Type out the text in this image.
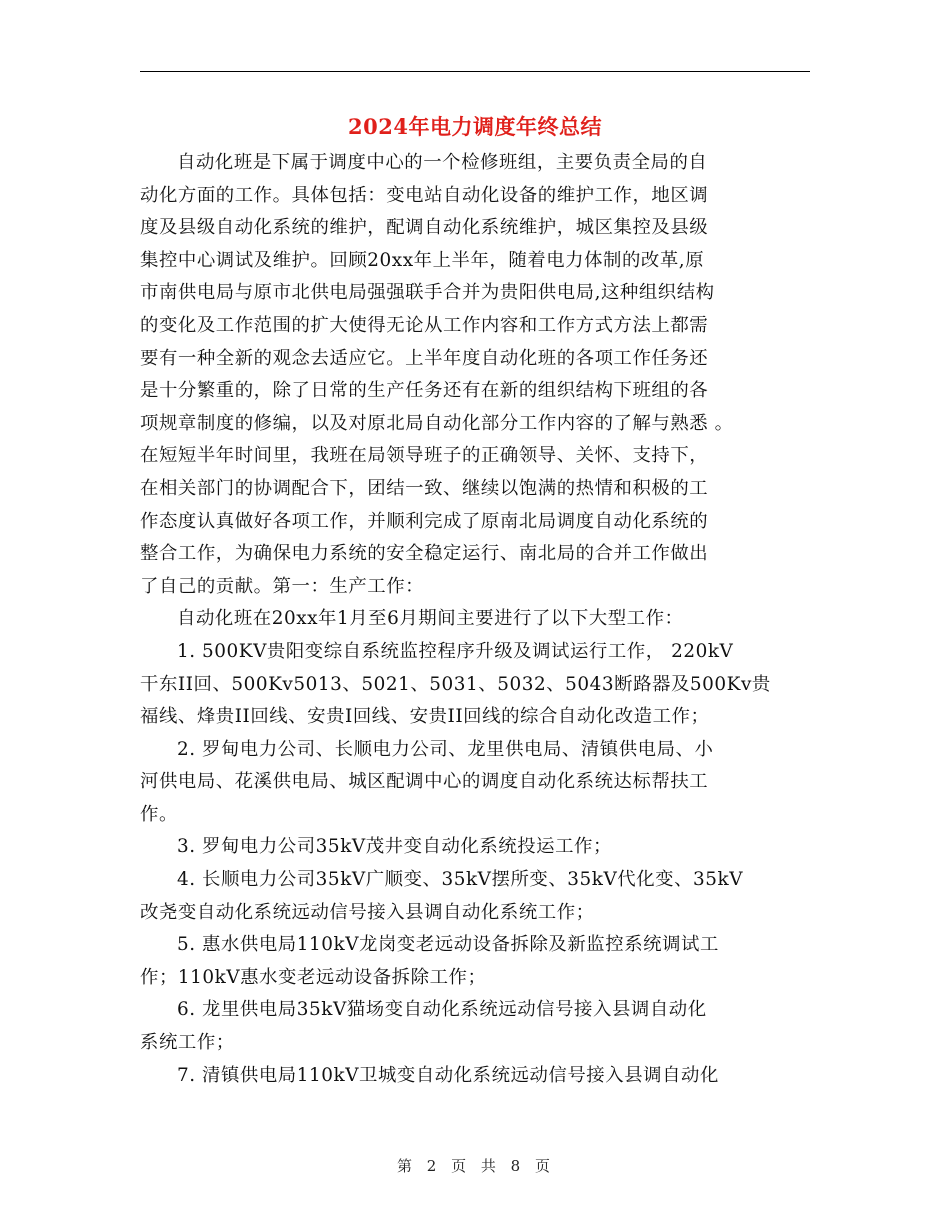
2024年电力调度年终总结
自动化班是下属于调度中心的一个检修班组，主要负责全局的自
动化方面的工作。具体包括：变电站自动化设备的维护工作，地区调
度及县级自动化系统的维护，配调自动化系统维护，城区集控及县级
集控中心调试及维护。回顾20xx年上半年，随着电力体制的改革,原
市南供电局与原市北供电局强强联手合并为贵阳供电局,这种组织结构
的变化及工作范围的扩大使得无论从工作内容和工作方式方法上都需
要有一种全新的观念去适应它。上半年度自动化班的各项工作任务还
是十分繁重的，除了日常的生产任务还有在新的组织结构下班组的各
项规章制度的修编，以及对原北局自动化部分工作内容的了解与熟悉 。
在短短半年时间里，我班在局领导班子的正确领导、关怀、支持下，
在相关部门的协调配合下，团结一致、继续以饱满的热情和积极的工
作态度认真做好各项工作，并顺利完成了原南北局调度自动化系统的
整合工作，为确保电力系统的安全稳定运行、南北局的合并工作做出
了自己的贡献。第一：生产工作：
自动化班在20xx年1月至6月期间主要进行了以下大型工作：
1. 500KV贵阳变综自系统监控程序升级及调试运行工作， 220kV
干东II回、500Kv5013、5021、5031、5032、5043断路器及500Kv贵
福线、烽贵II回线、安贵I回线、安贵II回线的综合自动化改造工作；
2. 罗甸电力公司、长顺电力公司、龙里供电局、清镇供电局、小
河供电局、花溪供电局、城区配调中心的调度自动化系统达标帮扶工
作。
3. 罗甸电力公司35kV茂井变自动化系统投运工作；
4. 长顺电力公司35kV广顺变、35kV摆所变、35kV代化变、35kV
改尧变自动化系统远动信号接入县调自动化系统工作；
5. 惠水供电局110kV龙岗变老远动设备拆除及新监控系统调试工
作；110kV惠水变老远动设备拆除工作；
6. 龙里供电局35kV猫场变自动化系统远动信号接入县调自动化
系统工作；
7. 清镇供电局110kV卫城变自动化系统远动信号接入县调自动化
第 2 页 共 8 页
